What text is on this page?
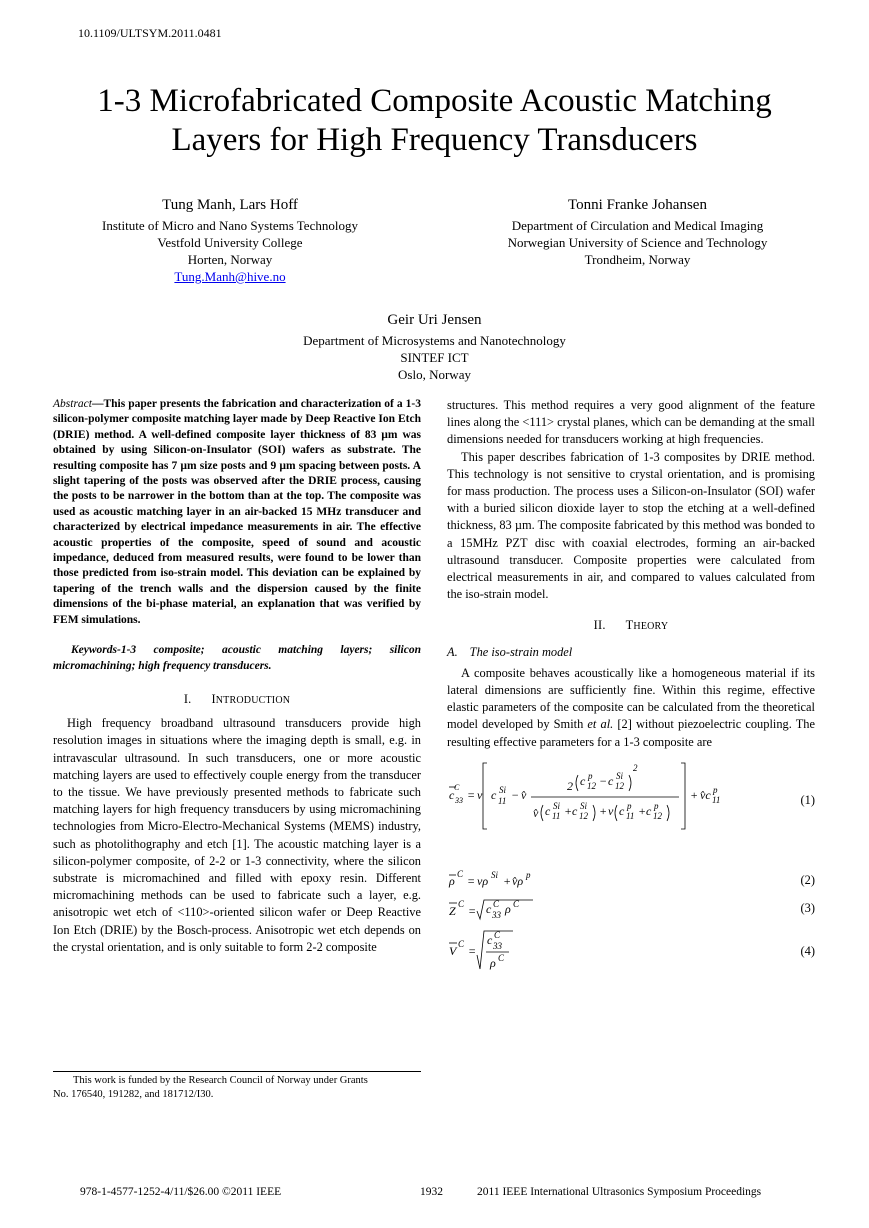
10.1109/ULTSYM.2011.0481
1-3 Microfabricated Composite Acoustic Matching
Layers for High Frequency Transducers
Tung Manh, Lars Hoff
Institute of Micro and Nano Systems Technology
Vestfold University College
Horten, Norway
Tung.Manh@hive.no
Tonni Franke Johansen
Department of Circulation and Medical Imaging
Norwegian University of Science and Technology
Trondheim, Norway
Geir Uri Jensen
Department of Microsystems and Nanotechnology
SINTEF ICT
Oslo, Norway

Abstract—This paper presents the fabrication and characterization of a 1-3 silicon-polymer composite matching layer made by Deep Reactive Ion Etch (DRIE) method. A well-defined composite layer thickness of 83 µm was obtained by using Silicon-on-Insulator (SOI) wafers as substrate. The resulting composite has 7 µm size posts and 9 µm spacing between posts. A slight tapering of the posts was observed after the DRIE process, causing the posts to be narrower in the bottom than at the top. The composite was used as acoustic matching layer in an air-backed 15 MHz transducer and characterized by electrical impedance measurements in air. The effective acoustic properties of the composite, speed of sound and acoustic impedance, deduced from measured results, were found to be lower than those predicted from iso-strain model. This deviation can be explained by tapering of the trench walls and the dispersion caused by the finite dimensions of the bi-phase material, an explanation that was verified by FEM simulations.

Keywords-1-3 composite; acoustic matching layers; silicon micromachining; high frequency transducers.

I. INTRODUCTION

High frequency broadband ultrasound transducers provide high resolution images in situations where the imaging depth is small, e.g. in intravascular ultrasound. In such transducers, one or more acoustic matching layers are used to effectively couple energy from the transducer to the tissue. We have previously presented methods to fabricate such matching layers for high frequency transducers by using micromachining technologies from Micro-Electro-Mechanical Systems (MEMS) industry, such as photolithography and etch [1]. The acoustic matching layer is a silicon-polymer composite, of 2-2 or 1-3 connectivity, where the silicon substrate is micromachined and filled with epoxy resin. Different micromachining methods can be used to fabricate such a layer, e.g. anisotropic wet etch of <110>-oriented silicon wafer or Deep Reactive Ion Etch (DRIE) by the Bosch-process. Anisotropic wet etch depends on the crystal orientation, and is only suitable to form 2-2 composite

structures. This method requires a very good alignment of the feature lines along the <111> crystal planes, which can be demanding at the small dimensions needed for transducers working at high frequencies.

This paper describes fabrication of 1-3 composites by DRIE method. This technology is not sensitive to crystal orientation, and is promising for mass production. The process uses a Silicon-on-Insulator (SOI) wafer with a buried silicon dioxide layer to stop the etching at a well-defined thickness, 83 µm. The composite fabricated by this method was bonded to a 15MHz PZT disc with coaxial electrodes, forming an air-backed ultrasound transducer. Composite properties were calculated from electrical measurements in air, and compared to values calculated from the iso-strain model.

II. THEORY
A. The iso-strain model

A composite behaves acoustically like a homogeneous material if its lateral dimensions are sufficiently fine. Within this regime, effective elastic parameters of the composite can be calculated from the theoretical model developed by Smith et al. [2] without piezoelectric coupling. The resulting effective parameters for a 1-3 composite are

c 33
C
= v c Si
11 − v̂
2 c p
12 − c Si
12
2
v̂ c Si
11 + c Si
12 + v c p
11 + c p
12
+ v̂c p
11	(1)
ρ C = vρ Si + v̂ρ p	(2)
Z C = c C
33 ρ C	(3)
V C =
c C
33
ρ C	(4)
This work is funded by the Research Council of Norway under Grants
No. 176540, 191282, and 181712/I30.
978-1-4577-1252-4/11/$26.00 ©2011 IEEE	1932	2011 IEEE International Ultrasonics Symposium Proceedings
